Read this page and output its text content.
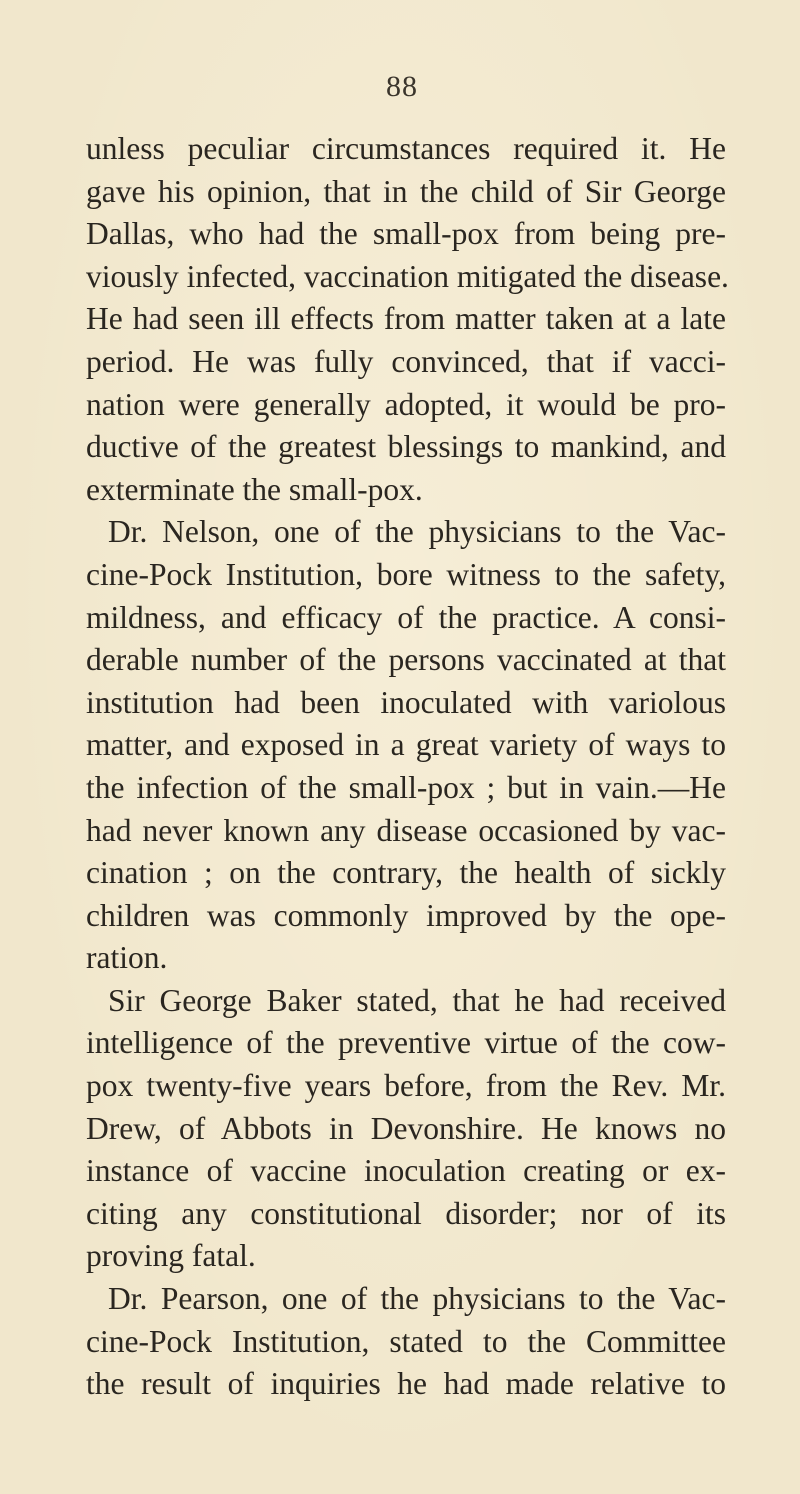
88
unless peculiar circumstances required it. He
gave his opinion, that in the child of Sir George
Dallas, who had the small-pox from being pre-
viously infected, vaccination mitigated the disease.
He had seen ill effects from matter taken at a late
period. He was fully convinced, that if vacci-
nation were generally adopted, it would be pro-
ductive of the greatest blessings to mankind, and
exterminate the small-pox.
Dr. Nelson, one of the physicians to the Vac-
cine-Pock Institution, bore witness to the safety,
mildness, and efficacy of the practice. A consi-
derable number of the persons vaccinated at that
institution had been inoculated with variolous
matter, and exposed in a great variety of ways to
the infection of the small-pox ; but in vain.—He
had never known any disease occasioned by vac-
cination ; on the contrary, the health of sickly
children was commonly improved by the ope-
ration.
Sir George Baker stated, that he had received
intelligence of the preventive virtue of the cow-
pox twenty-five years before, from the Rev. Mr.
Drew, of Abbots in Devonshire. He knows no
instance of vaccine inoculation creating or ex-
citing any constitutional disorder; nor of its
proving fatal.
Dr. Pearson, one of the physicians to the Vac-
cine-Pock Institution, stated to the Committee
the result of inquiries he had made relative to
